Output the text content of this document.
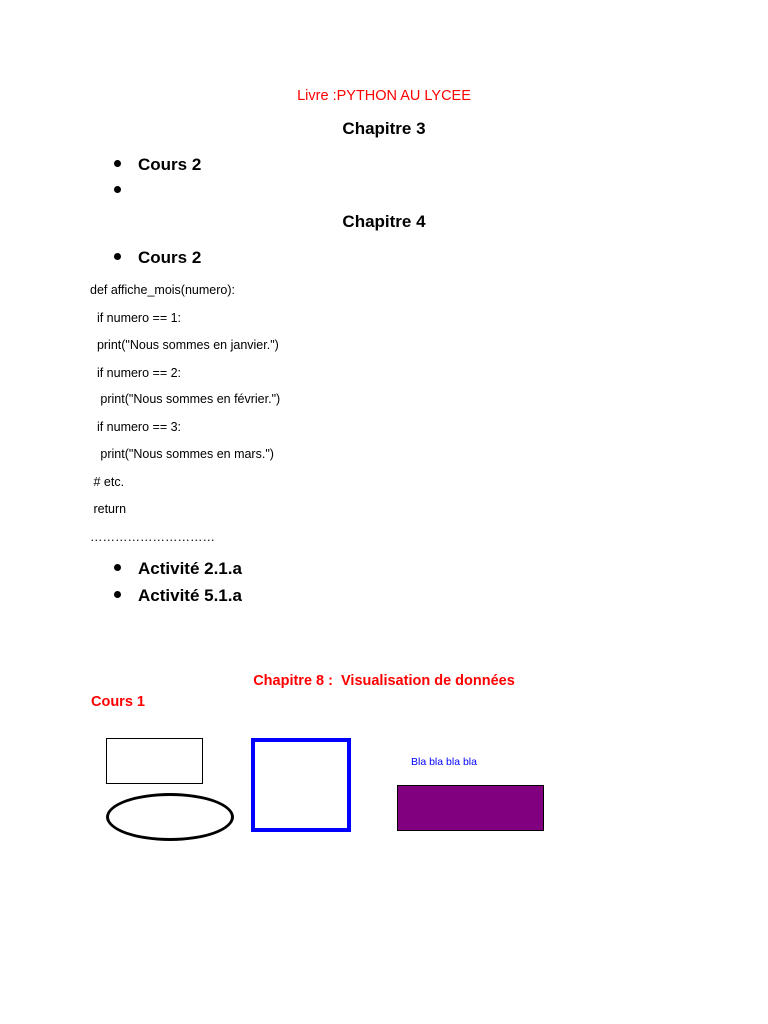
Livre :PYTHON AU LYCEE
Chapitre 3
Cours 2
Chapitre 4
Cours 2
def affiche_mois(numero):
if numero == 1:
print("Nous sommes en janvier.")
if numero == 2:
print("Nous sommes en février.")
if numero == 3:
print("Nous sommes en mars.")
# etc.
return
…………………………
Activité 2.1.a
Activité 5.1.a
Chapitre 8 :  Visualisation de données
Cours 1
Bla bla bla bla
